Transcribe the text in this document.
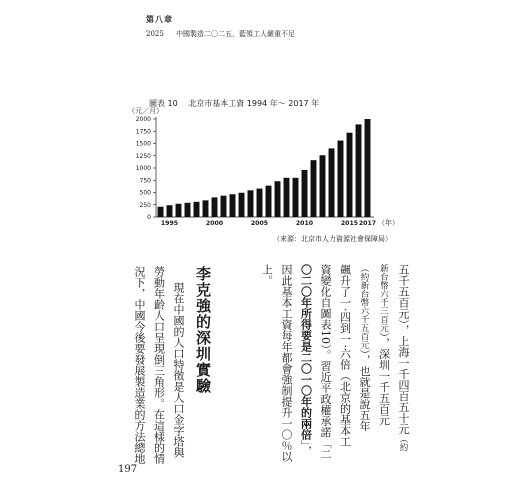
第八章
2025 中國製造二〇二五，藍領工人嚴重不足
圖表 10 北京市基本工資 1994 年～ 2017 年
（元／月）
0
250
500
750
1000
1250
1500
1750
2000
1995	2000	2005	2010	2015 2017 （年）
（來源：北京市人力資源社會保障局）
五千五百元），上海一千四百五十元（約
新台幣六千三百元），深圳一千五百元
（約新台幣六千五百元），也就是說五年
飆升了一‧四到一‧六倍（北京的基本工
資變化自圖表10）。習近平政權承諾「二
〇二〇年所得要是二〇一〇年的兩倍」，
因此基本工資每年都會強制提升一〇％以
上。
李克強的深圳實驗
現在中國的人口特徵是人口金字塔與
勞動年齡人口呈現倒三角形。在這樣的情
況下，中國今後要發展製造業的方法總地
197
